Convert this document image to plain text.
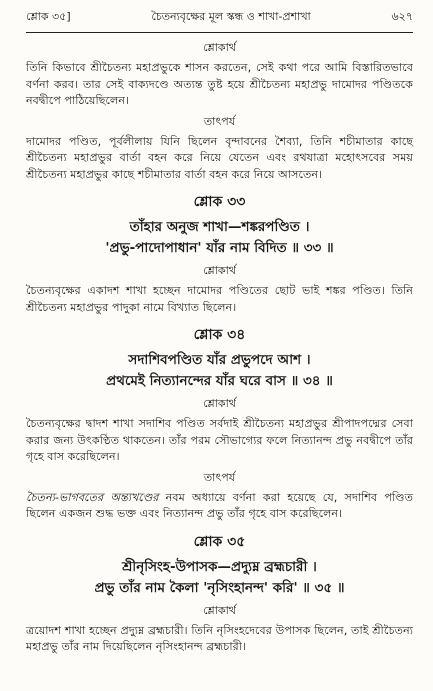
শ্লোক ৩৫]	চৈতন্যবৃক্ষের মূল স্কন্ধ ও শাখা-প্রশাখা	৬২৭
শ্লোকার্থ

তিনি কিভাবে শ্রীচৈতন্য মহাপ্রভুকে শাসন করতেন, সেই কথা পরে আমি বিস্তারিতভাবে বর্ণনা করব। তার সেই বাক্যদণ্ডে অত্যন্ত তুষ্ট হয়ে শ্রীচৈতন্য মহাপ্রভু দামোদর পণ্ডিতকে নবদ্বীপে পাঠিয়েছিলেন।

তাৎপর্য

দামোদর পণ্ডিত, পূর্বলীলায় যিনি ছিলেন বৃন্দাবনের শৈব্যা, তিনি শচীমাতার কাছে শ্রীচৈতন্য মহাপ্রভুর বার্তা বহন করে নিয়ে যেতেন এবং রথযাত্রা মহোৎসবের সময় শ্রীচৈতন্য মহাপ্রভুর কাছে শচীমাতার বার্তা বহন করে নিয়ে আসতেন।

শ্লোক ৩৩
তাঁহার অনুজ শাখা—শঙ্করপণ্ডিত ।
'প্রভু-পাদোপাধান' যাঁর নাম বিদিত ॥ ৩৩ ॥
শ্লোকার্থ

চৈতন্যবৃক্ষের একাদশ শাখা হচ্ছেন দামোদর পণ্ডিতের ছোট ভাই শঙ্কর পণ্ডিত। তিনি শ্রীচৈতন্য মহাপ্রভুর পাদুকা নামে বিখ্যাত ছিলেন।

শ্লোক ৩৪
সদাশিবপণ্ডিত যাঁর প্রভুপদে আশ ।
প্রথমেই নিত্যানন্দের যাঁর ঘরে বাস ॥ ৩৪ ॥
শ্লোকার্থ

চৈতন্যবৃক্ষের দ্বাদশ শাখা সদাশিব পণ্ডিত সর্বদাই শ্রীচৈতন্য মহাপ্রভুর শ্রীপাদপদ্মের সেবা করার জন্য উৎকণ্ঠিত থাকতেন। তাঁর পরম সৌভাগ্যের ফলে নিত্যানন্দ প্রভু নবদ্বীপে তাঁর গৃহে বাস করেছিলেন।

তাৎপর্য

চৈতন্য-ভাগবতের অন্ত্যখণ্ডের নবম অধ্যায়ে বর্ণনা করা হয়েছে যে, সদাশিব পণ্ডিত ছিলেন একজন শুদ্ধ ভক্ত এবং নিত্যানন্দ প্রভু তাঁর গৃহে বাস করেছিলেন।

শ্লোক ৩৫
শ্রীনৃসিংহ-উপাসক—প্রদ্যুম্ন ব্রহ্মচারী ।
প্রভু তাঁর নাম কৈলা 'নৃসিংহানন্দ' করি' ॥ ৩৫ ॥
শ্লোকার্থ

ত্রয়োদশ শাখা হচ্ছেন প্রদ্যুম্ন ব্রহ্মচারী। তিনি নৃসিংহদেবের উপাসক ছিলেন, তাই শ্রীচৈতন্য মহাপ্রভু তাঁর নাম দিয়েছিলেন নৃসিংহানন্দ ব্রহ্মচারী।
